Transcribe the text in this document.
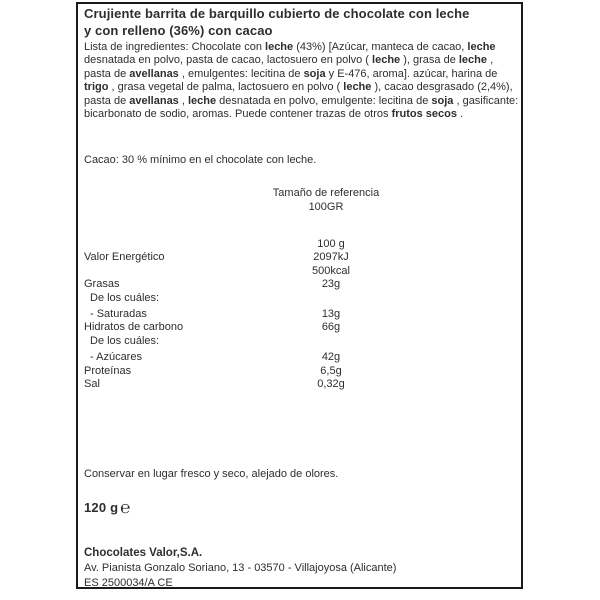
Crujiente barrita de barquillo cubierto de chocolate con leche
y con relleno (36%) con cacao

Lista de ingredientes: Chocolate con leche (43%) [Azúcar, manteca de cacao, leche desnatada en polvo, pasta de cacao, lactosuero en polvo ( leche ), grasa de leche , pasta de avellanas , emulgentes: lecitina de soja y E-476, aroma]. azúcar, harina de trigo , grasa vegetal de palma, lactosuero en polvo ( leche ), cacao desgrasado (2,4%), pasta de avellanas , leche desnatada en polvo, emulgente: lecitina de soja , gasificante: bicarbonato de sodio, aromas. Puede contener trazas de otros frutos secos .

Cacao: 30 % mínimo en el chocolate con leche.

Tamaño de referencia
100GR
100 g
Valor Energético	2097kJ
500kcal
Grasas	23g
De los cuáles:
- Saturadas	13g
Hidratos de carbono	66g
De los cuáles:
- Azúcares	42g
Proteínas	6,5g
Sal	0,32g

Conservar en lugar fresco y seco, alejado de olores.

120 g ℮

Chocolates Valor,S.A.
Av. Pianista Gonzalo Soriano, 13 - 03570 - Villajoyosa (Alicante)
ES 2500034/A CE
